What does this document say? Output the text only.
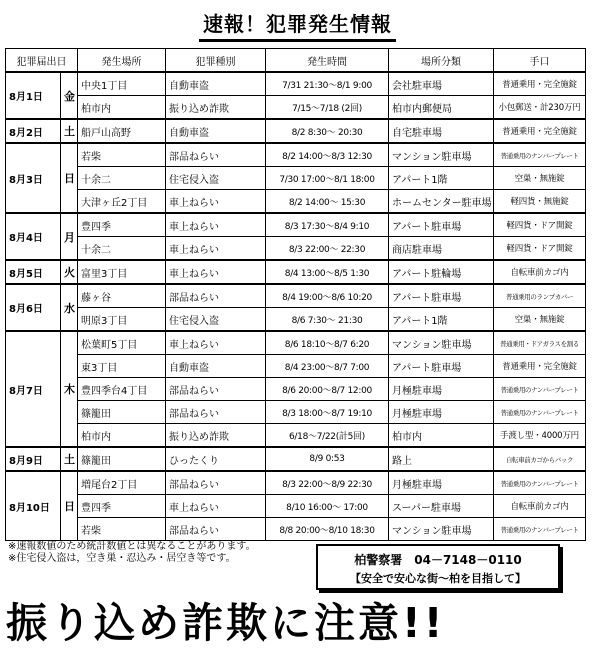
速報！犯罪発生情報
犯罪届出日		発生場所	犯罪種別	発生時間	場所分類	手口
8月1日	金	中央1丁目	自動車盗	7/31 21:30～8/1 9:00	会社駐車場	普通乗用・完全施錠
		柏市内	振り込め詐欺	7/15～7/18 (2回)	柏市内郵便局	小包郵送・計230万円
8月2日	土	船戸山高野	自動車盗	8/2 8:30～ 20:30	自宅駐車場	普通乗用・完全施錠
8月3日	日	若柴	部品ねらい	8/2 14:00～8/3 12:30	マンション駐車場	普通乗用のナンバープレート
		十余二	住宅侵入盗	7/30 17:00～8/1 18:00	アパート1階	空巣・無施錠
		大津ヶ丘2丁目	車上ねらい	8/2 14:00～ 15:30	ホームセンター駐車場	軽四貨・無施錠
8月4日	月	豊四季	車上ねらい	8/3 17:30～8/4 9:10	アパート駐車場	軽四貨・ドア開錠
		十余二	車上ねらい	8/3 22:00～ 22:30	商店駐車場	軽四貨・ドア開錠
8月5日	火	富里3丁目	車上ねらい	8/4 13:00～8/5 1:30	アパート駐輪場	自転車前カゴ内
8月6日	水	藤ヶ谷	部品ねらい	8/4 19:00～8/6 10:20	アパート駐車場	普通乗用のランプカバー
		明原3丁目	住宅侵入盗	8/6 7:30～ 21:30	アパート1階	空巣・無施錠
8月7日	木	松葉町5丁目	車上ねらい	8/6 18:10～8/7 6:20	マンション駐車場	普通乗用・ドアガラスを割る
		東3丁目	自動車盗	8/4 23:00～8/7 7:00	アパート駐車場	普通乗用・完全施錠
		豊四季台4丁目	部品ねらい	8/6 20:00～8/7 12:00	月極駐車場	普通乗用のナンバープレート
		篠籠田	部品ねらい	8/3 18:00～8/7 19:10	月極駐車場	普通乗用のナンバープレート
		柏市内	振り込め詐欺	6/18～7/22(計5回)	柏市内	手渡し型・4000万円
8月9日	土	篠籠田	ひったくり	8/9 0:53	路上	自転車前カゴからバック
8月10日	日	増尾台2丁目	部品ねらい	8/3 22:00～8/9 22:30	月極駐車場	普通乗用のナンバープレート
		豊四季	車上ねらい	8/10 16:00～ 17:00	スーパー駐車場	自転車前カゴ内
		若柴	部品ねらい	8/8 20:00～8/10 18:30	マンション駐車場	普通乗用のナンバープレート
※速報数値のため統計数値とは異なることがあります。
※住宅侵入盗は，空き巣・忍込み・居空き等です。	柏警察署　04－7148－0110
【安全で安心な街～柏を目指して】
振り込め詐欺に注意!!
